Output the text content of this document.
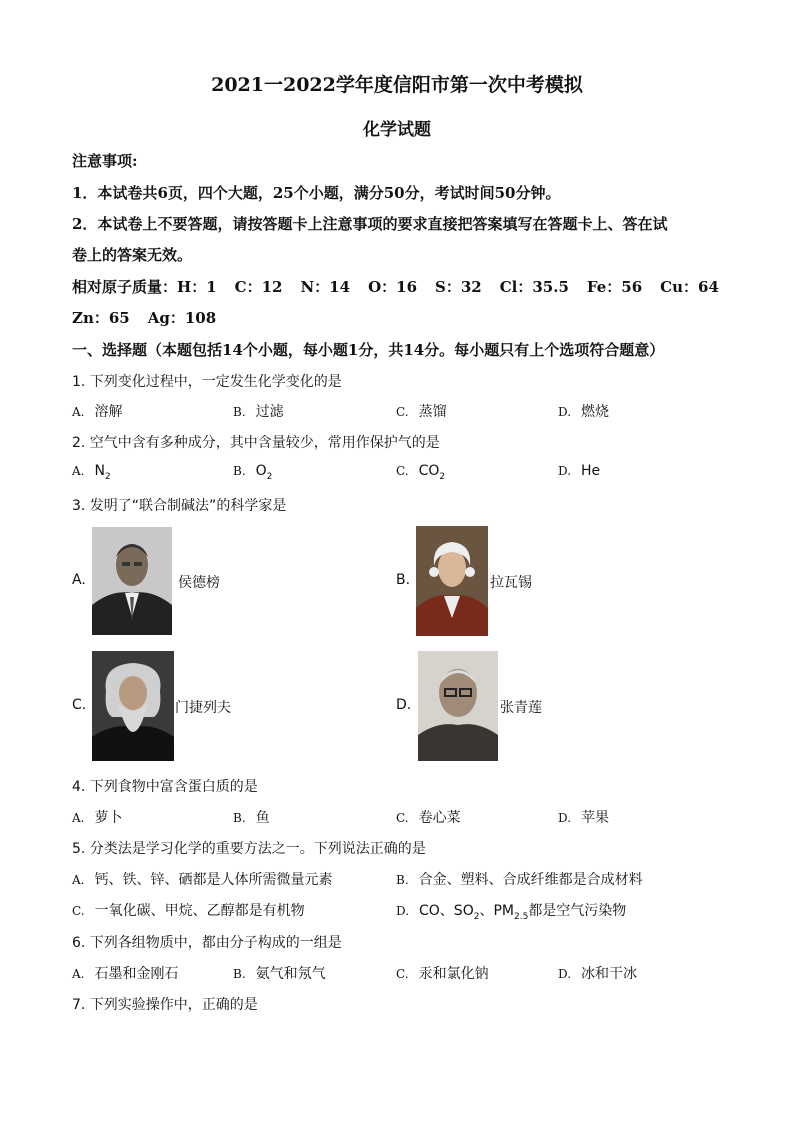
2021一2022学年度信阳市第一次中考模拟
化学试题
注意事项:
1．本试卷共6页，四个大题，25个小题，满分50分，考试时间50分钟。
2．本试卷上不要答题，请按答题卡上注意事项的要求直接把答案填写在答题卡上、答在试
卷上的答案无效。
相对原子质量：H：1 C：12 N：14 O：16 S：32 Cl：35.5 Fe：56 Cu：64
Zn：65 Ag：108
一、选择题（本题包括14个小题，每小题1分，共14分。每小题只有上个选项符合题意）
1. 下列变化过程中，一定发生化学变化的是
A. 溶解	B. 过滤	C. 蒸馏	D. 燃烧
2. 空气中含有多种成分，其中含量较少，常用作保护气的是
A. $N_2$	B. $O_2$	C. $CO_2$	D. He
3. 发明了“联合制碱法”的科学家是
A.	侯德榜	B.	拉瓦锡
C.	门捷列夫	D.	张青莲
4. 下列食物中富含蛋白质的是
A. 萝卜	B. 鱼	C. 卷心菜	D. 苹果
5. 分类法是学习化学的重要方法之一。下列说法正确的是
A. 钙、铁、锌、硒都是人体所需微量元素	B. 合金、塑料、合成纤维都是合成材料
C. 一氧化碳、甲烷、乙醇都是有机物	D. CO、$SO_2$、$PM_{2.5}$都是空气污染物
6. 下列各组物质中，都由分子构成的一组是
A. 石墨和金刚石	B. 氨气和氖气	C. 汞和氯化钠	D. 冰和干冰
7. 下列实验操作中，正确的是
